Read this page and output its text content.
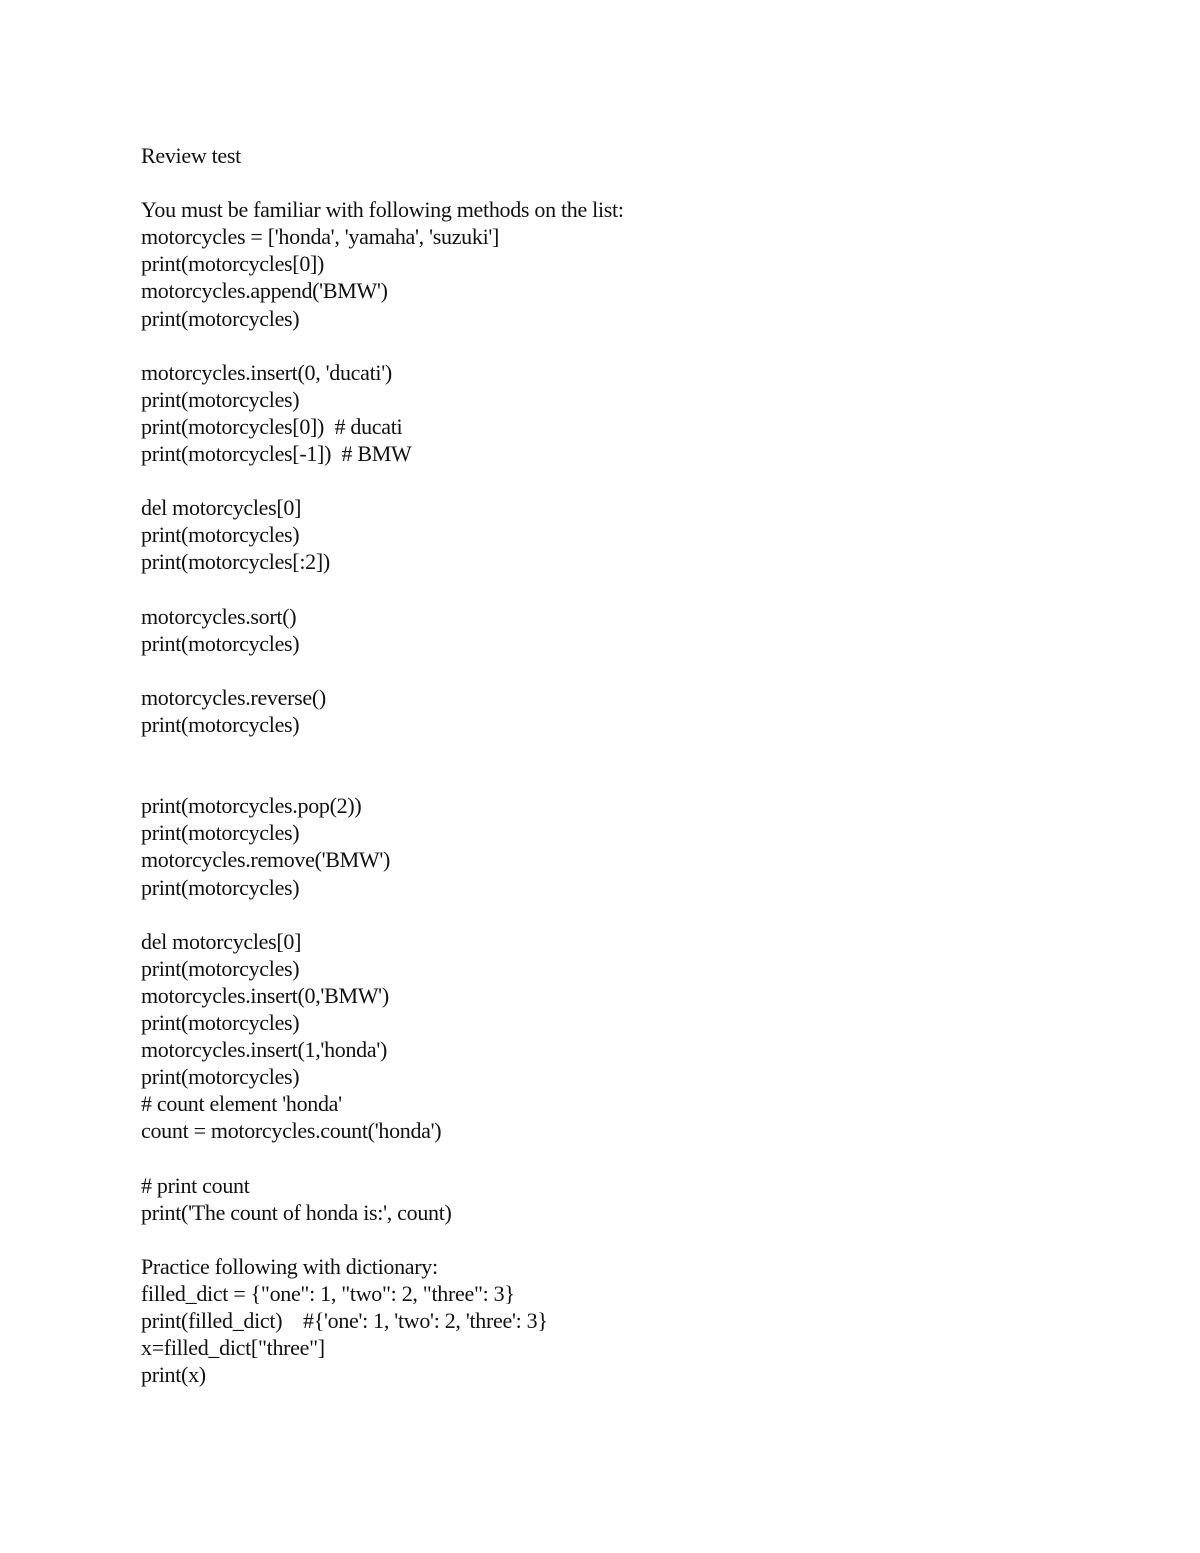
Review test
You must be familiar with following methods on the list:
motorcycles = ['honda', 'yamaha', 'suzuki']
print(motorcycles[0])
motorcycles.append('BMW')
print(motorcycles)
motorcycles.insert(0, 'ducati')
print(motorcycles)
print(motorcycles[0])  # ducati
print(motorcycles[-1])  # BMW
del motorcycles[0]
print(motorcycles)
print(motorcycles[:2])
motorcycles.sort()
print(motorcycles)
motorcycles.reverse()
print(motorcycles)
print(motorcycles.pop(2))
print(motorcycles)
motorcycles.remove('BMW')
print(motorcycles)
del motorcycles[0]
print(motorcycles)
motorcycles.insert(0,'BMW')
print(motorcycles)
motorcycles.insert(1,'honda')
print(motorcycles)
# count element 'honda'
count = motorcycles.count('honda')
# print count
print('The count of honda is:', count)
Practice following with dictionary:
filled_dict = {"one": 1, "two": 2, "three": 3}
print(filled_dict)    #{'one': 1, 'two': 2, 'three': 3}
x=filled_dict["three"]
print(x)
